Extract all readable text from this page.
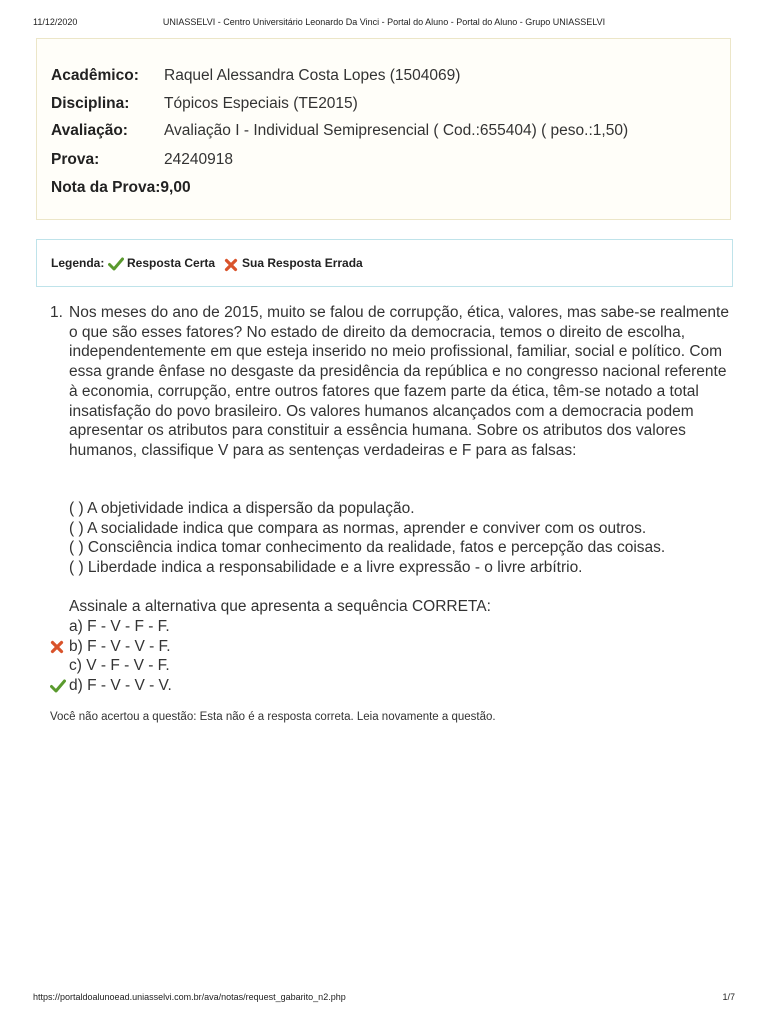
11/12/2020	UNIASSELVI - Centro Universitário Leonardo Da Vinci - Portal do Aluno - Portal do Aluno - Grupo UNIASSELVI
Acadêmico: Raquel Alessandra Costa Lopes (1504069)
Disciplina: Tópicos Especiais (TE2015)
Avaliação: Avaliação I - Individual Semipresencial ( Cod.:655404) ( peso.:1,50)
Prova:	24240918
Nota da Prova:9,00
Legenda: Resposta Certa Sua Resposta Errada
1. Nos meses do ano de 2015, muito se falou de corrupção, ética, valores, mas sabe-se realmente o que são esses fatores? No estado de direito da democracia, temos o direito de escolha, independentemente em que esteja inserido no meio profissional, familiar, social e político. Com essa grande ênfase no desgaste da presidência da república e no congresso nacional referente à economia, corrupção, entre outros fatores que fazem parte da ética, têm-se notado a total insatisfação do povo brasileiro. Os valores humanos alcançados com a democracia podem apresentar os atributos para constituir a essência humana. Sobre os atributos dos valores humanos, classifique V para as sentenças verdadeiras e F para as falsas:
( ) A objetividade indica a dispersão da população.
( ) A socialidade indica que compara as normas, aprender e conviver com os outros.
( ) Consciência indica tomar conhecimento da realidade, fatos e percepção das coisas.
( ) Liberdade indica a responsabilidade e a livre expressão - o livre arbítrio.
Assinale a alternativa que apresenta a sequência CORRETA:
a) F - V - F - F.
b) F - V - V - F.
c) V - F - V - F.
d) F - V - V - V.
Você não acertou a questão: Esta não é a resposta correta. Leia novamente a questão.
https://portaldoalunoead.uniasselvi.com.br/ava/notas/request_gabarito_n2.php	1/7
